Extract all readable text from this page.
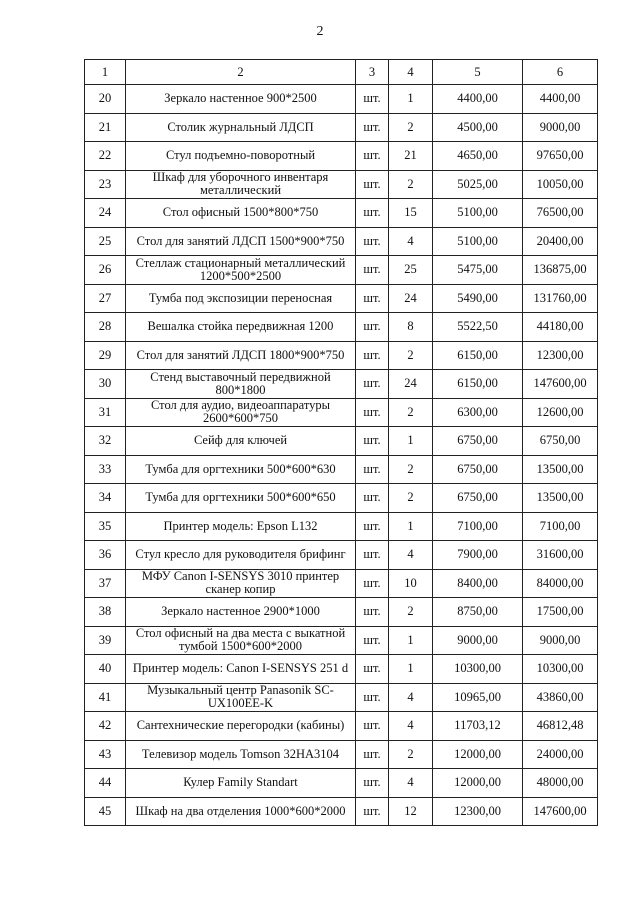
2
1	2	3	4	5	6
20	Зеркало настенное 900*2500	шт.	1	4400,00	4400,00
21	Столик журнальный ЛДСП	шт.	2	4500,00	9000,00
22	Стул подъемно-поворотный	шт.	21	4650,00	97650,00
23	Шкаф для уборочного инвентаря металлический	шт.	2	5025,00	10050,00
24	Стол офисный 1500*800*750	шт.	15	5100,00	76500,00
25	Стол для занятий ЛДСП 1500*900*750	шт.	4	5100,00	20400,00
26	Стеллаж стационарный металлический 1200*500*2500	шт.	25	5475,00	136875,00
27	Тумба под экспозиции переносная	шт.	24	5490,00	131760,00
28	Вешалка стойка передвижная 1200	шт.	8	5522,50	44180,00
29	Стол для занятий ЛДСП 1800*900*750	шт.	2	6150,00	12300,00
30	Стенд выставочный передвижной 800*1800	шт.	24	6150,00	147600,00
31	Стол для аудио, видеоаппаратуры 2600*600*750	шт.	2	6300,00	12600,00
32	Сейф для ключей	шт.	1	6750,00	6750,00
33	Тумба для оргтехники 500*600*630	шт.	2	6750,00	13500,00
34	Тумба для оргтехники 500*600*650	шт.	2	6750,00	13500,00
35	Принтер модель: Epson L132	шт.	1	7100,00	7100,00
36	Стул кресло для руководителя брифинг	шт.	4	7900,00	31600,00
37	МФУ Canon I-SENSYS 3010 принтер сканер копир	шт.	10	8400,00	84000,00
38	Зеркало настенное 2900*1000	шт.	2	8750,00	17500,00
39	Стол офисный на два места с выкатной тумбой 1500*600*2000	шт.	1	9000,00	9000,00
40	Принтер модель: Canon I-SENSYS 251 d	шт.	1	10300,00	10300,00
41	Музыкальный центр Panasonik SC-UX100EE-K	шт.	4	10965,00	43860,00
42	Сантехнические перегородки (кабины)	шт.	4	11703,12	46812,48
43	Телевизор модель Tomson 32HA3104	шт.	2	12000,00	24000,00
44	Кулер Family Standart	шт.	4	12000,00	48000,00
45	Шкаф на два отделения 1000*600*2000	шт.	12	12300,00	147600,00
